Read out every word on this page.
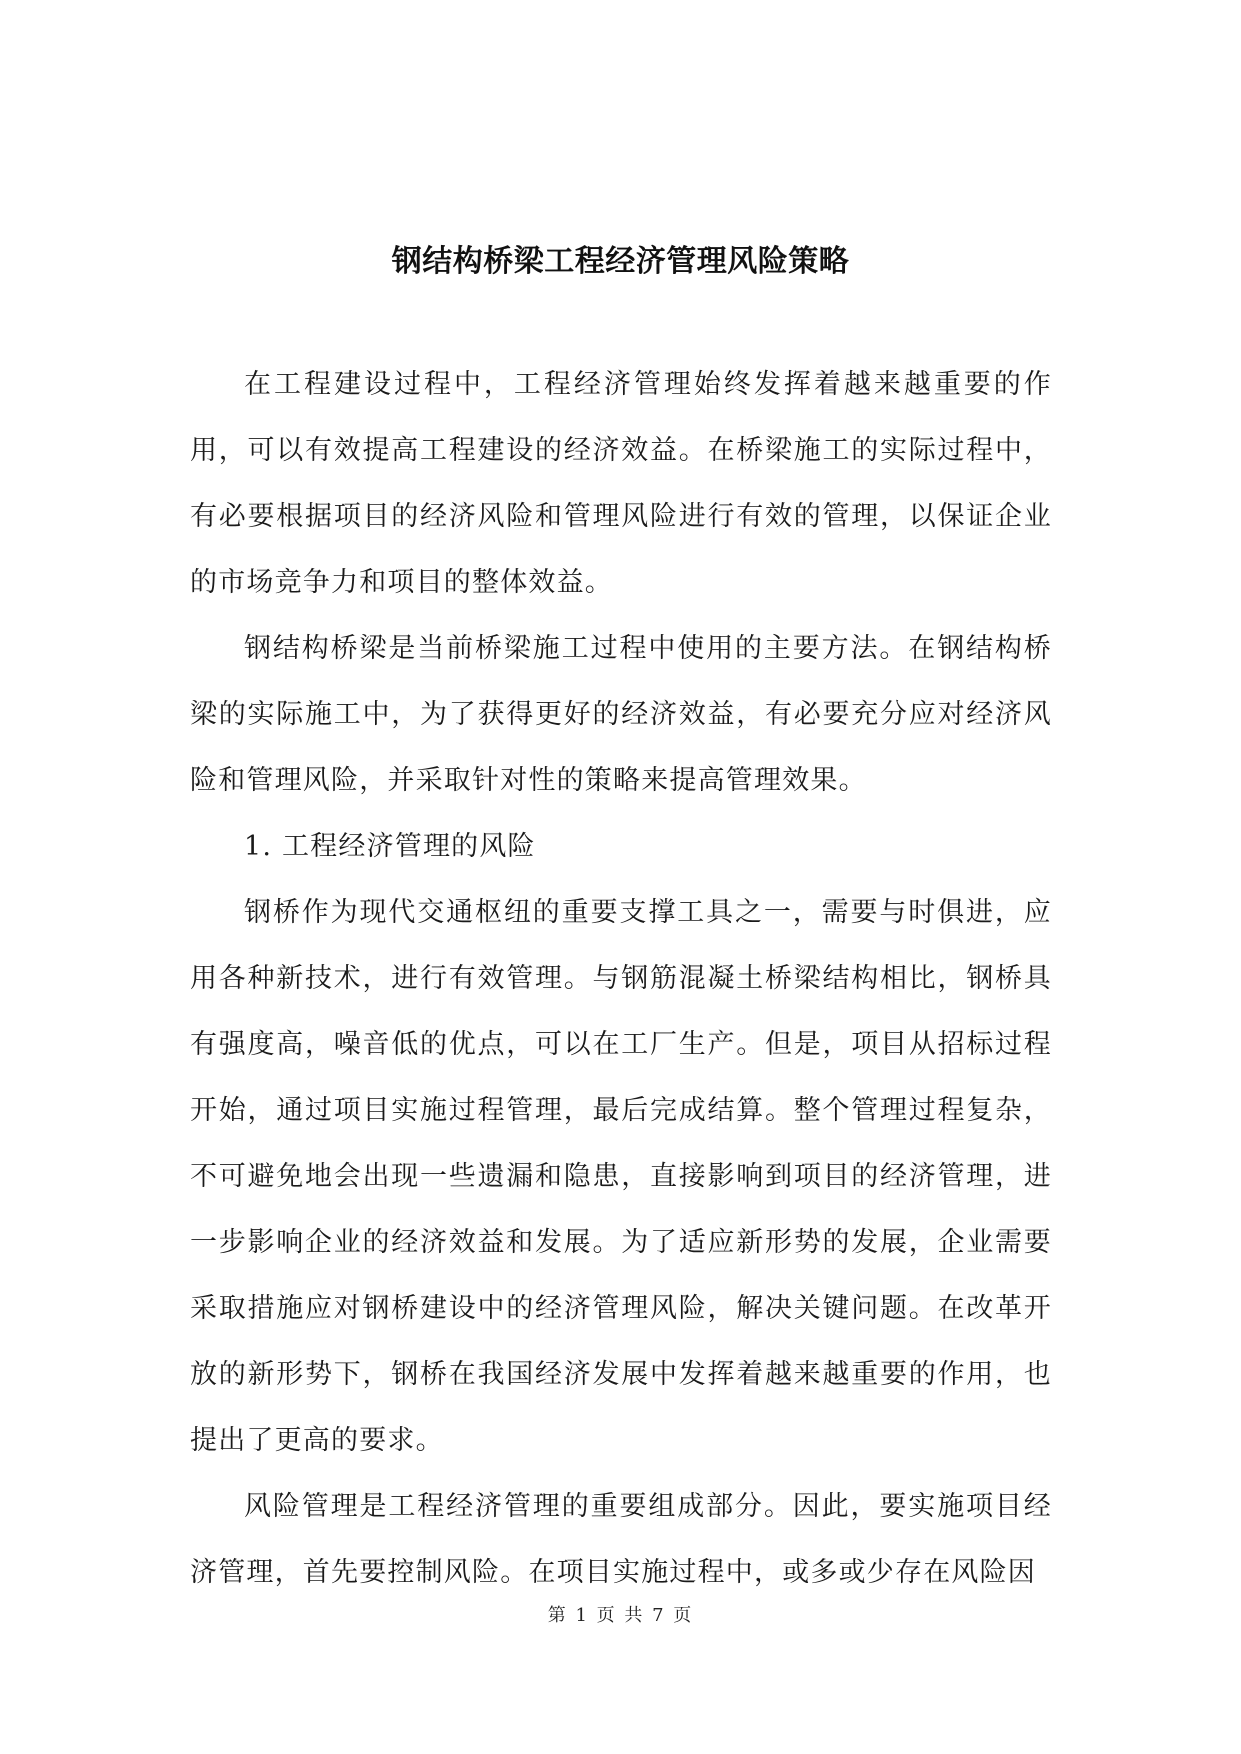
钢结构桥梁工程经济管理风险策略

在工程建设过程中，工程经济管理始终发挥着越来越重要的作用，可以有效提高工程建设的经济效益。在桥梁施工的实际过程中，有必要根据项目的经济风险和管理风险进行有效的管理，以保证企业的市场竞争力和项目的整体效益。

钢结构桥梁是当前桥梁施工过程中使用的主要方法。在钢结构桥梁的实际施工中，为了获得更好的经济效益，有必要充分应对经济风险和管理风险，并采取针对性的策略来提高管理效果。

1. 工程经济管理的风险

钢桥作为现代交通枢纽的重要支撑工具之一，需要与时俱进，应用各种新技术，进行有效管理。与钢筋混凝土桥梁结构相比，钢桥具有强度高，噪音低的优点，可以在工厂生产。但是，项目从招标过程开始，通过项目实施过程管理，最后完成结算。整个管理过程复杂，不可避免地会出现一些遗漏和隐患，直接影响到项目的经济管理，进一步影响企业的经济效益和发展。为了适应新形势的发展，企业需要采取措施应对钢桥建设中的经济管理风险，解决关键问题。在改革开放的新形势下，钢桥在我国经济发展中发挥着越来越重要的作用，也提出了更高的要求。

风险管理是工程经济管理的重要组成部分。因此，要实施项目经济管理，首先要控制风险。在项目实施过程中，或多或少存在风险因

第 1 页 共 7 页
